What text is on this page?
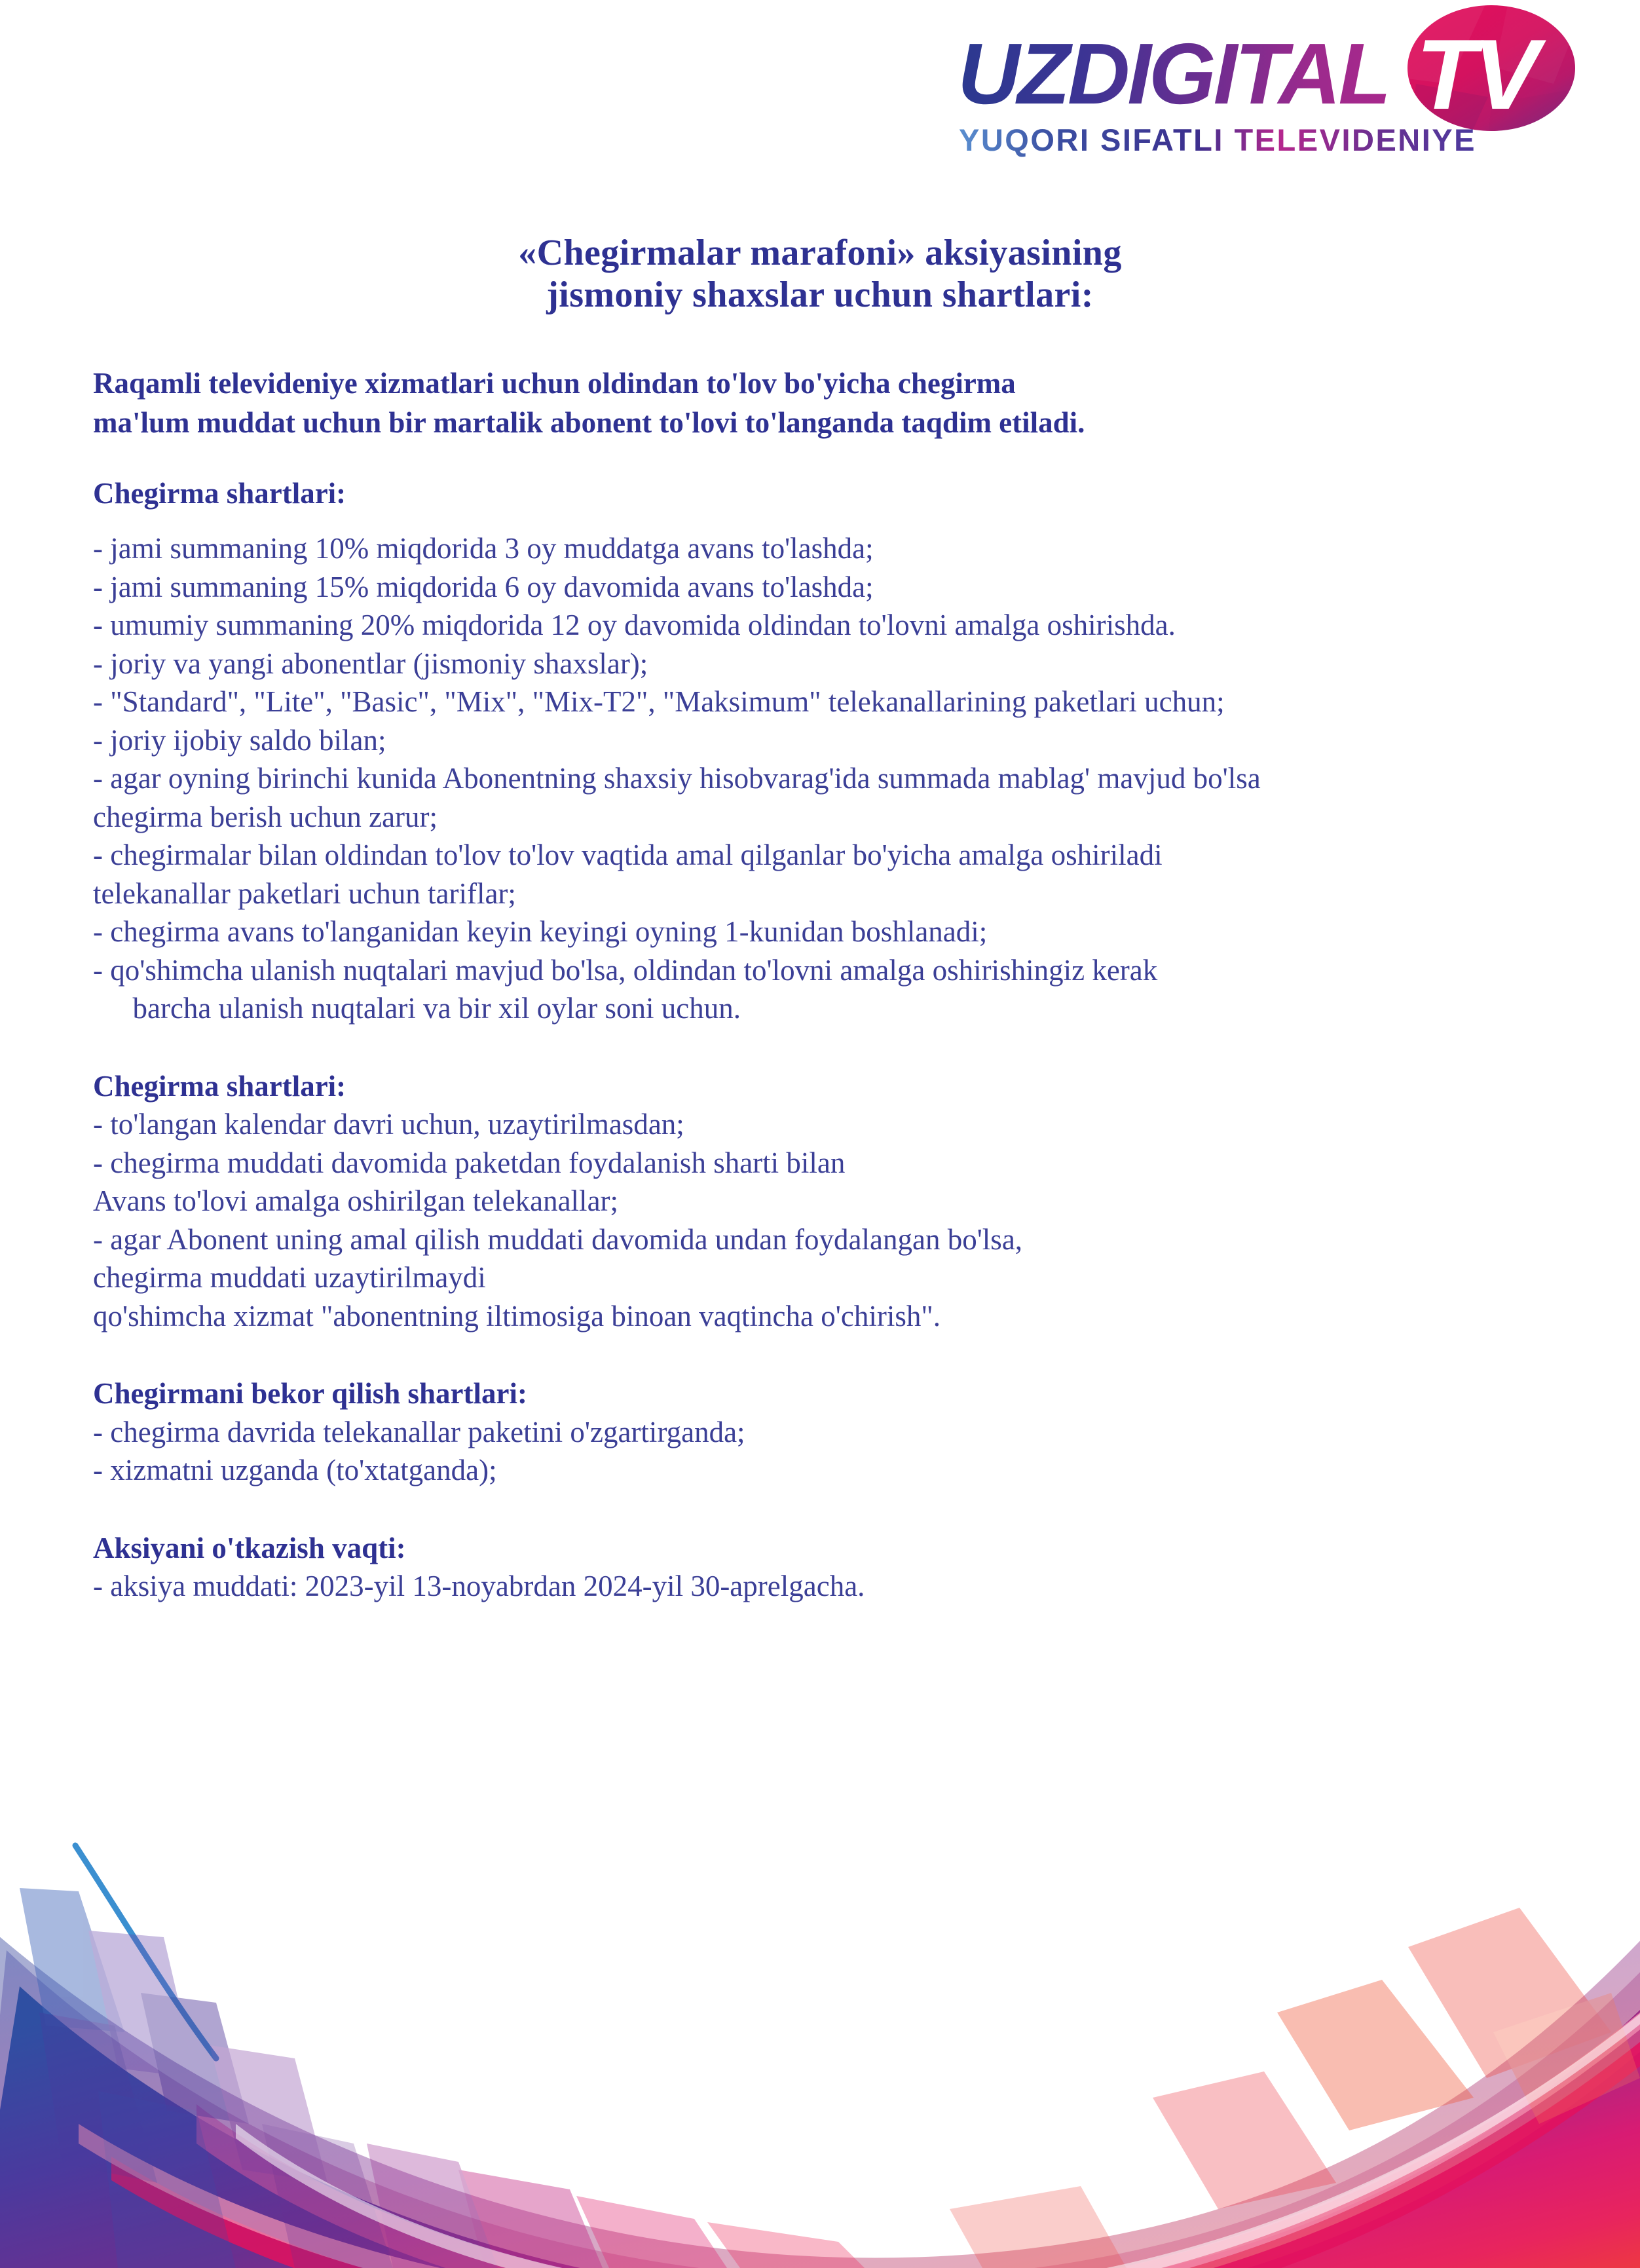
UZDIGITAL TV
YUQORI SIFATLI TELEVIDENIYE
«Chegirmalar marafoni» aksiyasining
jismoniy shaxslar uchun shartlari:

Raqamli televideniye xizmatlari uchun oldindan to'lov bo'yicha chegirma
ma'lum muddat uchun bir martalik abonent to'lovi to'langanda taqdim etiladi.

Chegirma shartlari:

- jami summaning 10% miqdorida 3 oy muddatga avans to'lashda;

- jami summaning 15% miqdorida 6 oy davomida avans to'lashda;

- umumiy summaning 20% miqdorida 12 oy davomida oldindan to'lovni amalga oshirishda.

- joriy va yangi abonentlar (jismoniy shaxslar);

- "Standard", "Lite", "Basic", "Mix", "Mix-T2", "Maksimum" telekanallarining paketlari uchun;

- joriy ijobiy saldo bilan;

- agar oyning birinchi kunida Abonentning shaxsiy hisobvarag'ida summada mablag' mavjud bo'lsa

chegirma berish uchun zarur;

- chegirmalar bilan oldindan to'lov to'lov vaqtida amal qilganlar bo'yicha amalga oshiriladi

telekanallar paketlari uchun tariflar;

- chegirma avans to'langanidan keyin keyingi oyning 1-kunidan boshlanadi;

- qo'shimcha ulanish nuqtalari mavjud bo'lsa, oldindan to'lovni amalga oshirishingiz kerak

barcha ulanish nuqtalari va bir xil oylar soni uchun.

Chegirma shartlari:

- to'langan kalendar davri uchun, uzaytirilmasdan;

- chegirma muddati davomida paketdan foydalanish sharti bilan

Avans to'lovi amalga oshirilgan telekanallar;

- agar Abonent uning amal qilish muddati davomida undan foydalangan bo'lsa,

chegirma muddati uzaytirilmaydi

qo'shimcha xizmat "abonentning iltimosiga binoan vaqtincha o'chirish".

Chegirmani bekor qilish shartlari:

- chegirma davrida telekanallar paketini o'zgartirganda;

- xizmatni uzganda (to'xtatganda);

Aksiyani o'tkazish vaqti:

- aksiya muddati: 2023-yil 13-noyabrdan 2024-yil 30-aprelgacha.
